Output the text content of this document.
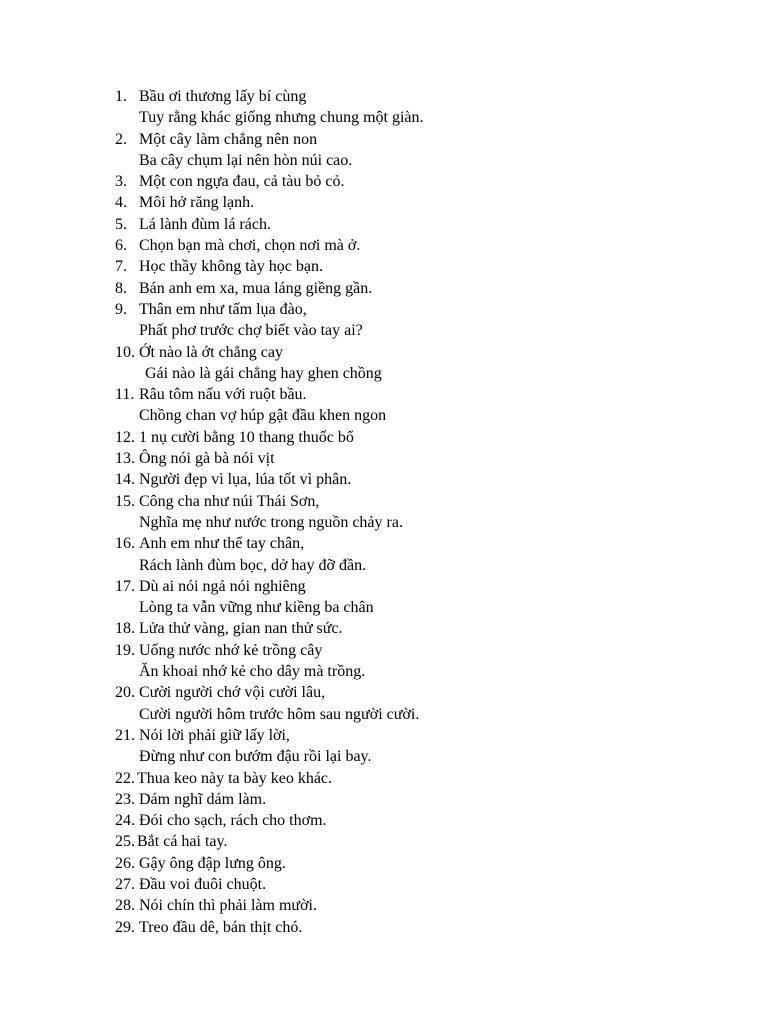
1. Bầu ơi thương lấy bí cùng
Tuy rằng khác giống nhưng chung một giàn.
2. Một cây làm chẳng nên non
Ba cây chụm lại nên hòn núi cao.
3. Một con ngựa đau, cả tàu bỏ cỏ.
4. Môi hở răng lạnh.
5. Lá lành đùm lá rách.
6. Chọn bạn mà chơi, chọn nơi mà ở.
7. Học thầy không tày học bạn.
8. Bán anh em xa, mua láng giềng gần.
9. Thân em như tấm lụa đào,
Phất phơ trước chợ biết vào tay ai?
10. Ớt nào là ớt chẳng cay
Gái nào là gái chẳng hay ghen chồng
11. Râu tôm nấu với ruột bầu.
Chồng chan vợ húp gật đầu khen ngon
12. 1 nụ cười bằng 10 thang thuốc bổ
13. Ông nói gà bà nói vịt
14. Người đẹp vì lụa, lúa tốt vì phân.
15. Công cha như núi Thái Sơn,
Nghĩa mẹ như nước trong nguồn chảy ra.
16. Anh em như thể tay chân,
Rách lành đùm bọc, dở hay đỡ đần.
17. Dù ai nói ngả nói nghiêng
Lòng ta vẫn vững như kiềng ba chân
18. Lửa thử vàng, gian nan thử sức.
19. Uống nước nhớ kẻ trồng cây
Ăn khoai nhớ kẻ cho dây mà trồng.
20. Cười người chớ vội cười lâu,
Cười người hôm trước hôm sau người cười.
21. Nói lời phải giữ lấy lời,
Đừng như con bướm đậu rồi lại bay.
22. Thua keo này ta bày keo khác.
23. Dám nghĩ dám làm.
24. Đói cho sạch, rách cho thơm.
25. Bắt cá hai tay.
26. Gậy ông đập lưng ông.
27. Đầu voi đuôi chuột.
28. Nói chín thì phải làm mười.
29. Treo đầu dê, bán thịt chó.
